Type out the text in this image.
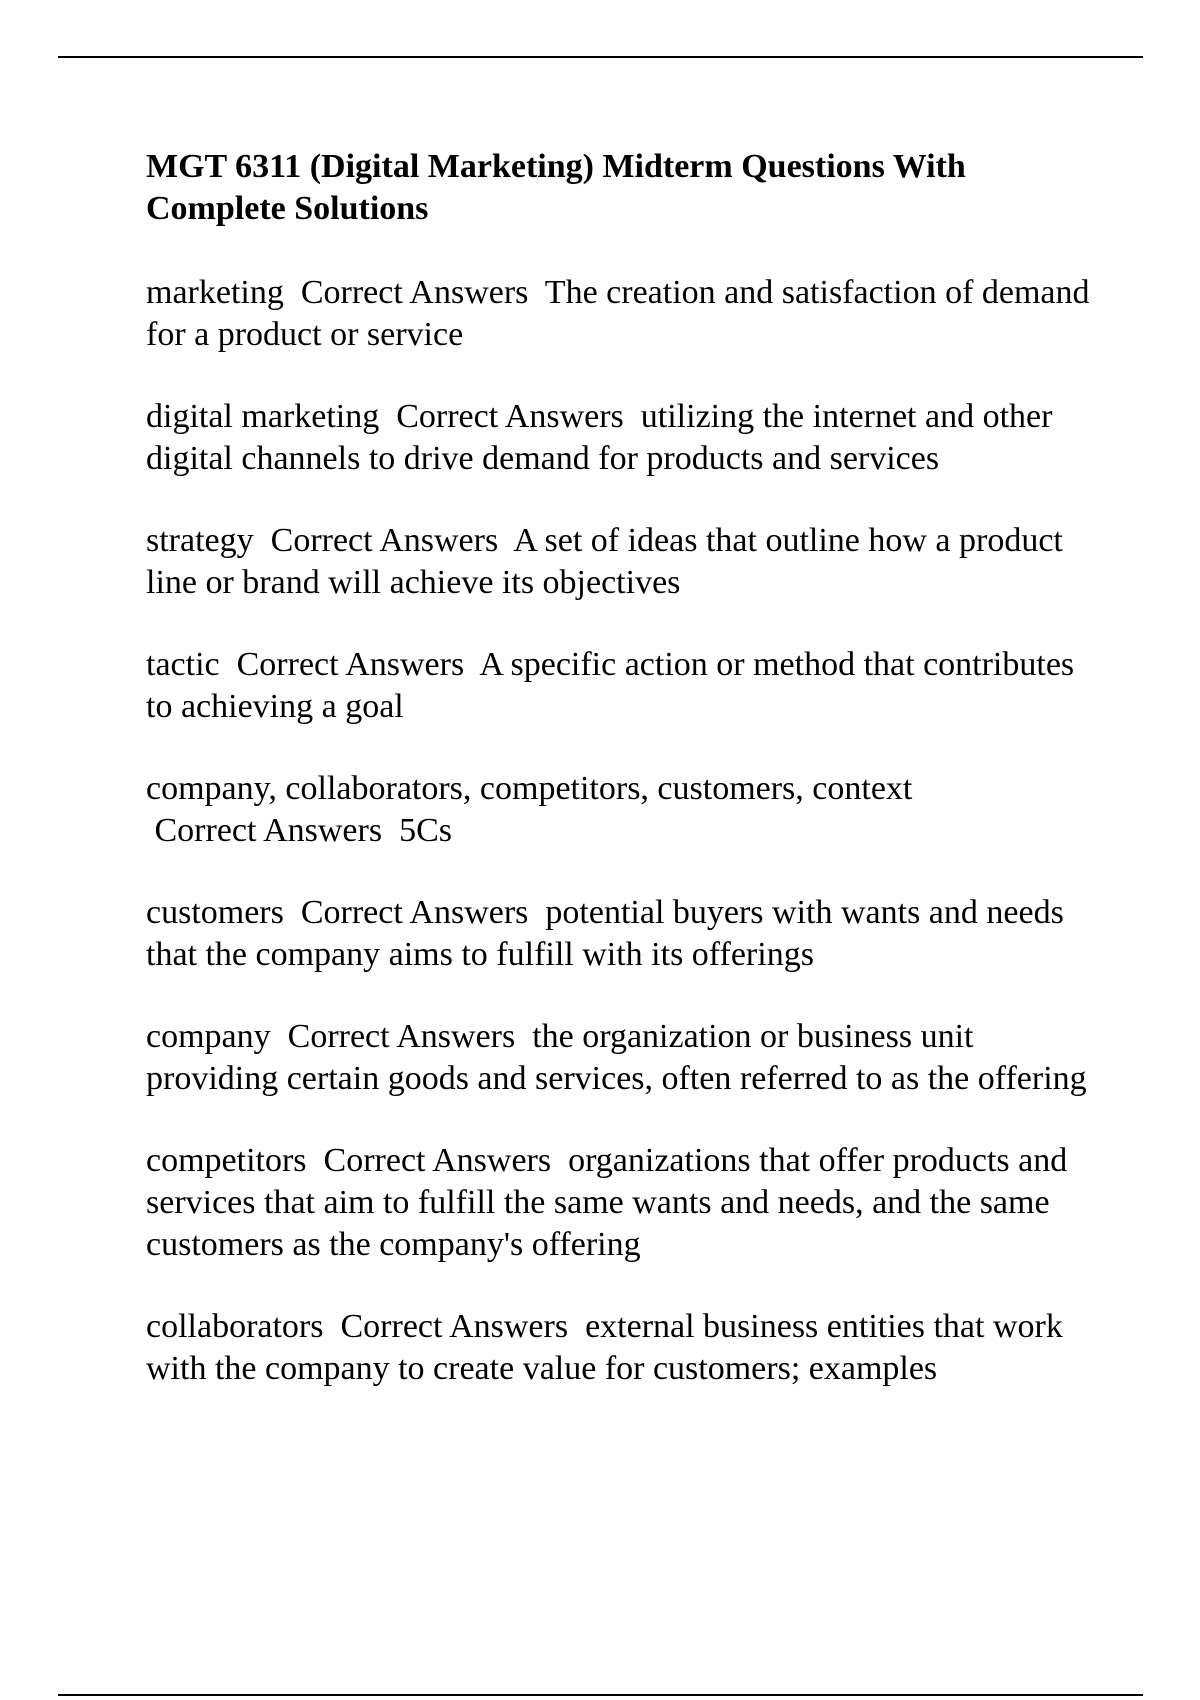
MGT 6311 (Digital Marketing) Midterm Questions With Complete Solutions
marketing Correct Answers The creation and satisfaction of demand for a product or service
digital marketing Correct Answers utilizing the internet and other digital channels to drive demand for products and services
strategy Correct Answers A set of ideas that outline how a product line or brand will achieve its objectives
tactic Correct Answers A specific action or method that contributes to achieving a goal
company, collaborators, competitors, customers, context
Correct Answers 5Cs
customers Correct Answers potential buyers with wants and needs that the company aims to fulfill with its offerings
company Correct Answers the organization or business unit providing certain goods and services, often referred to as the offering
competitors Correct Answers organizations that offer products and services that aim to fulfill the same wants and needs, and the same customers as the company's offering
collaborators Correct Answers external business entities that work with the company to create value for customers; examples
